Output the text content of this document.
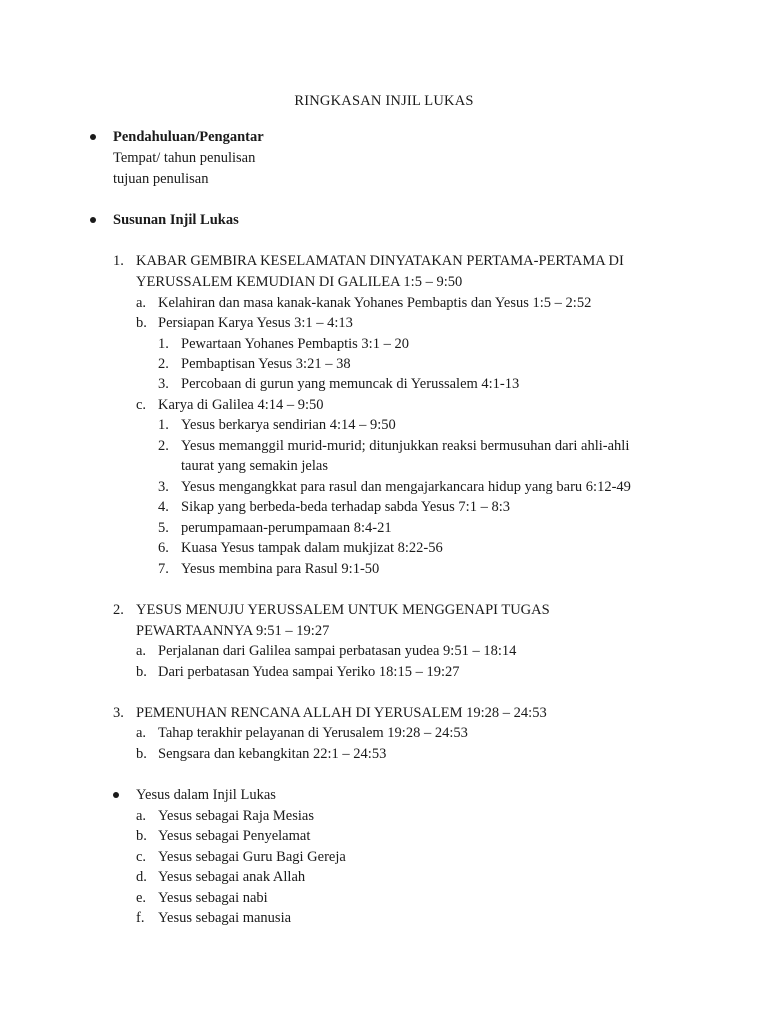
RINGKASAN INJIL LUKAS
Pendahuluan/Pengantar
Tempat/ tahun penulisan
tujuan penulisan
Susunan Injil Lukas
1. KABAR GEMBIRA KESELAMATAN DINYATAKAN PERTAMA-PERTAMA DI
YERUSSALEM KEMUDIAN DI GALILEA 1:5 – 9:50
a. Kelahiran dan masa kanak-kanak Yohanes Pembaptis dan Yesus 1:5 – 2:52
b. Persiapan Karya Yesus 3:1 – 4:13
1. Pewartaan Yohanes Pembaptis 3:1 – 20
2. Pembaptisan Yesus 3:21 – 38
3. Percobaan di gurun yang memuncak di Yerussalem 4:1-13
c. Karya di Galilea 4:14 – 9:50
1. Yesus berkarya sendirian 4:14 – 9:50
2. Yesus memanggil murid-murid; ditunjukkan reaksi bermusuhan dari ahli-ahli
taurat yang semakin jelas
3. Yesus mengangkkat para rasul dan mengajarkancara hidup yang baru 6:12-49
4. Sikap yang berbeda-beda terhadap sabda Yesus 7:1 – 8:3
5. perumpamaan-perumpamaan 8:4-21
6. Kuasa Yesus tampak dalam mukjizat 8:22-56
7. Yesus membina para Rasul 9:1-50
2. YESUS MENUJU YERUSSALEM UNTUK MENGGENAPI TUGAS
PEWARTAANNYA 9:51 – 19:27
a. Perjalanan dari Galilea sampai perbatasan yudea 9:51 – 18:14
b. Dari perbatasan Yudea sampai Yeriko 18:15 – 19:27
3. PEMENUHAN RENCANA ALLAH DI YERUSALEM 19:28 – 24:53
a. Tahap terakhir pelayanan di Yerusalem 19:28 – 24:53
b. Sengsara dan kebangkitan 22:1 – 24:53
Yesus dalam Injil Lukas
a. Yesus sebagai Raja Mesias
b. Yesus sebagai Penyelamat
c. Yesus sebagai Guru Bagi Gereja
d. Yesus sebagai anak Allah
e. Yesus sebagai nabi
f. Yesus sebagai manusia
